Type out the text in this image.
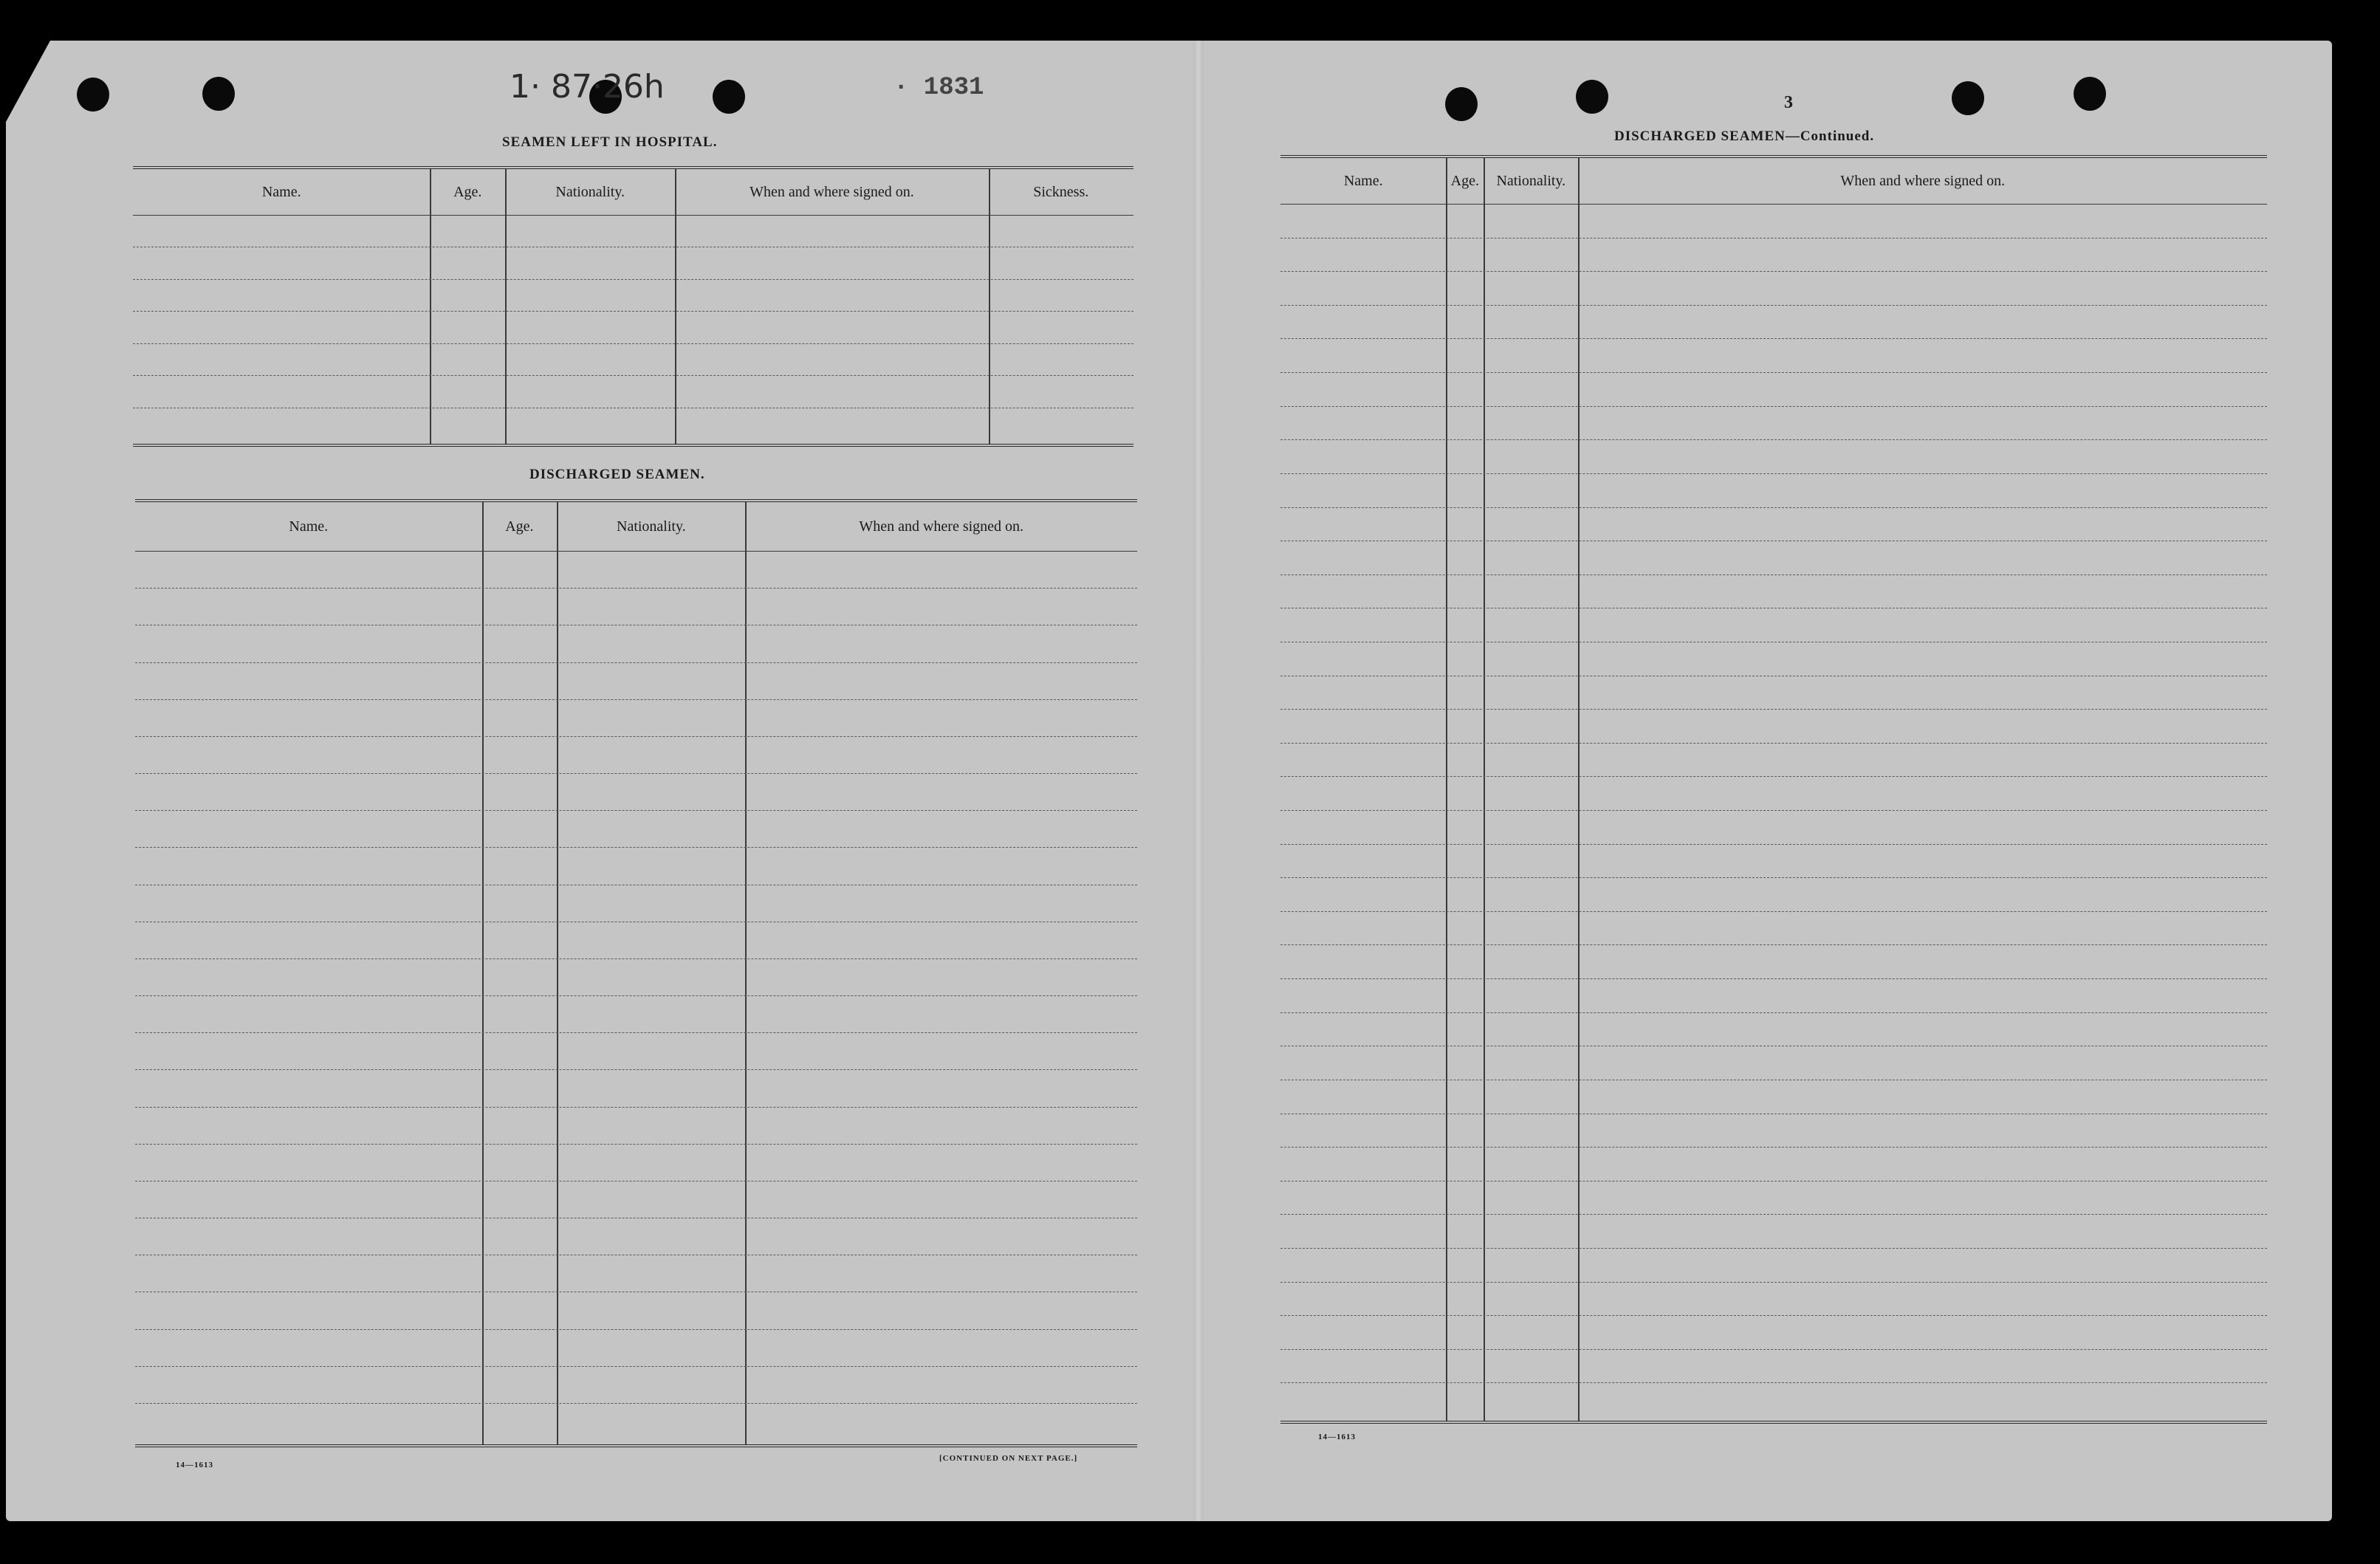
1· 87·26h	· 1831
SEAMEN LEFT IN HOSPITAL.
Name.	Age.	Nationality.	When and where signed on.	Sickness.
DISCHARGED SEAMEN.
Name.	Age.	Nationality.	When and where signed on.
14—1613
[CONTINUED ON NEXT PAGE.]
3
DISCHARGED SEAMEN—Continued.
Name.	Age.	Nationality.	When and where signed on.
14—1613
